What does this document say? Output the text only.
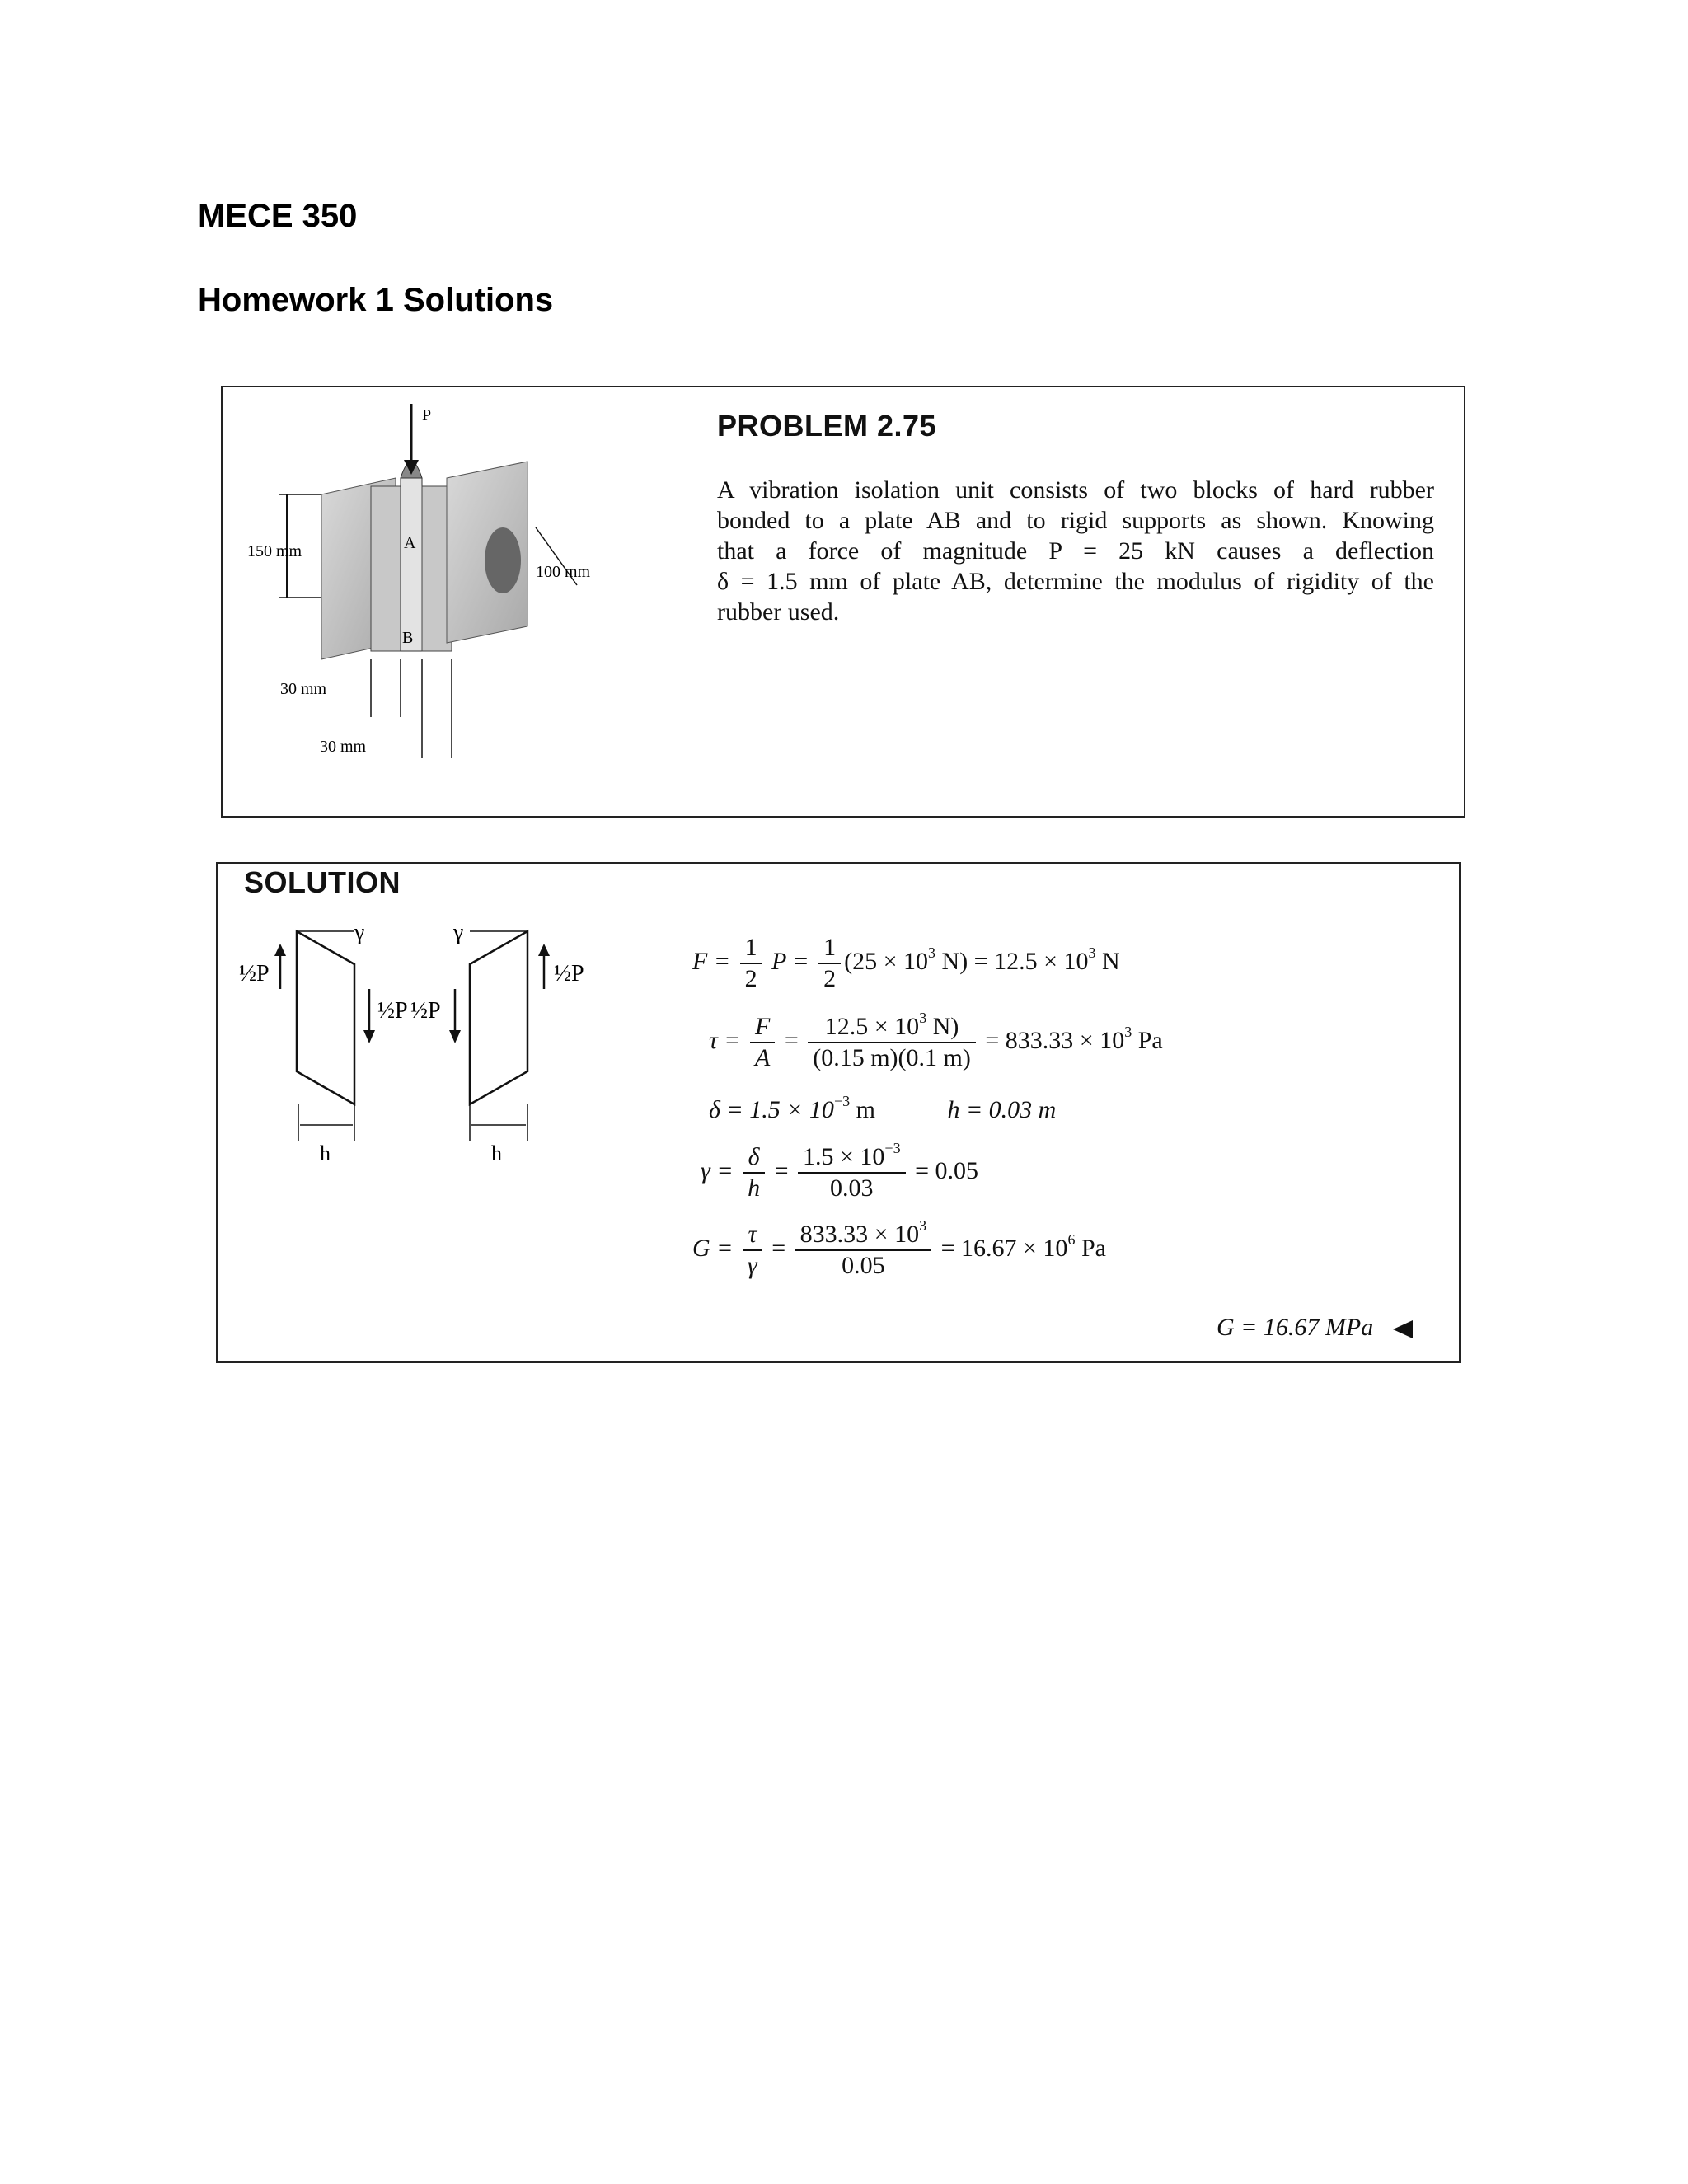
MECE 350
Homework 1 Solutions
P
A
B
150 mm
100 mm
30 mm
30 mm
PROBLEM 2.75
A vibration isolation unit consists of two blocks of hard rubber
bonded to a plate AB and to rigid supports as shown. Knowing
that a force of magnitude P = 25 kN causes a deflection
δ = 1.5 mm of plate AB, determine the modulus of rigidity of the
rubber used.
SOLUTION
γ
½P
½P
h
γ
½P
½P
h
$F = \frac{1}{2}$ $P = \frac{1}{2} (25 \times 10^3$ $N) = 12.5 \times 10^3$ N
$\tau = \frac{F}{A} = \frac{12.5 \times 10^3 N)}{(0.15 m)(0.1 m)} = 833.33 \times 10^3$ Pa
$\delta = 1.5 \times 10^{-3}$ m	h = 0.03 m
$\gamma = \frac{\delta}{h} = \frac{1.5 \times 10^{-3}}{0.03} = 0.05$
$G = \frac{\tau}{\gamma} = \frac{833.33 \times 10^3}{0.05} = 16.67 \times 10^6$ Pa
G = 16.67 MPa
